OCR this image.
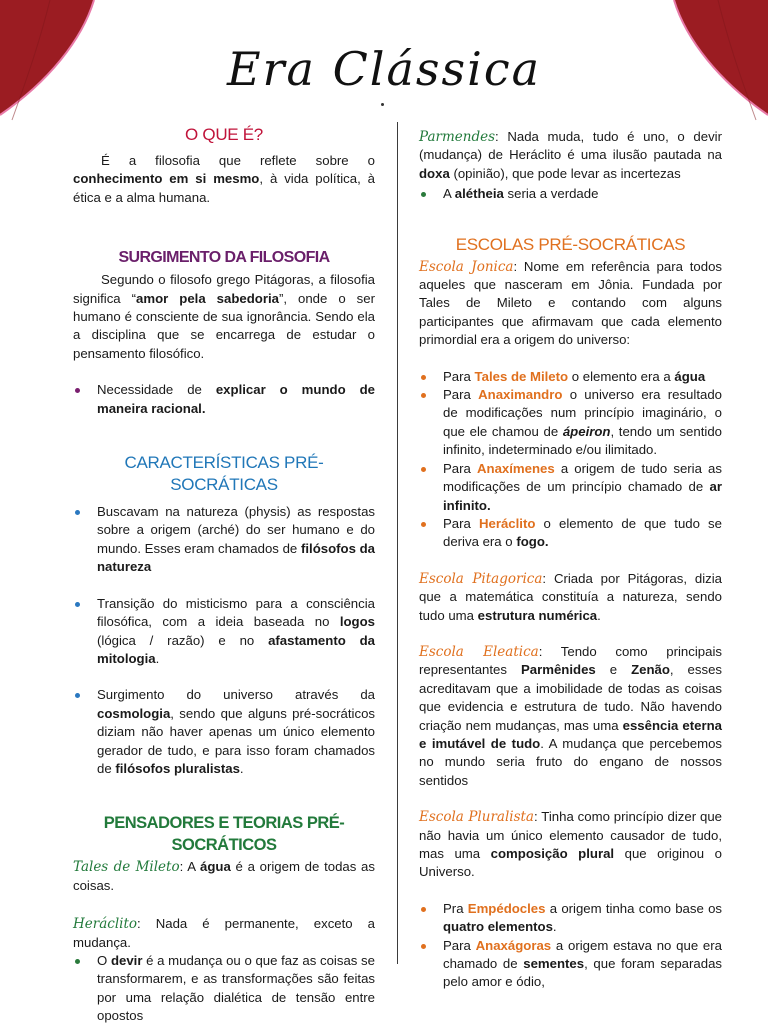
Era Clássica
O QUE É?

É a filosofia que reflete sobre o conhecimento em si mesmo, à vida política, à ética e a alma humana.

SURGIMENTO DA FILOSOFIA

Segundo o filosofo grego Pitágoras, a filosofia significa “amor pela sabedoria”, onde o ser humano é consciente de sua ignorância. Sendo ela a disciplina que se encarrega de estudar o pensamento filosófico.

Necessidade de explicar o mundo de maneira racional.
CARACTERÍSTICAS PRÉ-
SOCRÁTICAS
Buscavam na natureza (physis) as respostas sobre a origem (arché) do ser humano e do mundo. Esses eram chamados de filósofos da natureza
Transição do misticismo para a consciência filosófica, com a ideia baseada no logos (lógica / razão) e no afastamento da mitologia.
Surgimento do universo através da cosmologia, sendo que alguns pré-socráticos diziam não haver apenas um único elemento gerador de tudo, e para isso foram chamados de filósofos pluralistas.
PENSADORES E TEORIAS PRÉ-
SOCRÁTICOS

Tales de Mileto: A água é a origem de todas as coisas.

Heráclito: Nada é permanente, exceto a mudança.

O devir é a mudança ou o que faz as coisas se transformarem, e as transformações são feitas por uma relação dialética de tensão entre opostos

Parmendes: Nada muda, tudo é uno, o devir (mudança) de Heráclito é uma ilusão pautada na doxa (opinião), que pode levar as incertezas

A alétheia seria a verdade
ESCOLAS PRÉ-SOCRÁTICAS

Escola Jonica: Nome em referência para todos aqueles que nasceram em Jônia. Fundada por Tales de Mileto e contando com alguns participantes que afirmavam que cada elemento primordial era a origem do universo:

Para Tales de Mileto o elemento era a água
Para Anaximandro o universo era resultado de modificações num princípio imaginário, o que ele chamou de ápeiron, tendo um sentido infinito, indeterminado e/ou ilimitado.
Para Anaxímenes a origem de tudo seria as modificações de um princípio chamado de ar infinito.
Para Heráclito o elemento de que tudo se deriva era o fogo.

Escola Pitagorica: Criada por Pitágoras, dizia que a matemática constituía a natureza, sendo tudo uma estrutura numérica.

Escola Eleatica: Tendo como principais representantes Parmênides e Zenão, esses acreditavam que a imobilidade de todas as coisas que evidencia e estrutura de tudo. Não havendo criação nem mudanças, mas uma essência eterna e imutável de tudo. A mudança que percebemos no mundo seria fruto do engano de nossos sentidos

Escola Pluralista: Tinha como princípio dizer que não havia um único elemento causador de tudo, mas uma composição plural que originou o Universo.

Pra Empédocles a origem tinha como base os quatro elementos.
Para Anaxágoras a origem estava no que era chamado de sementes, que foram separadas pelo amor e ódio,
